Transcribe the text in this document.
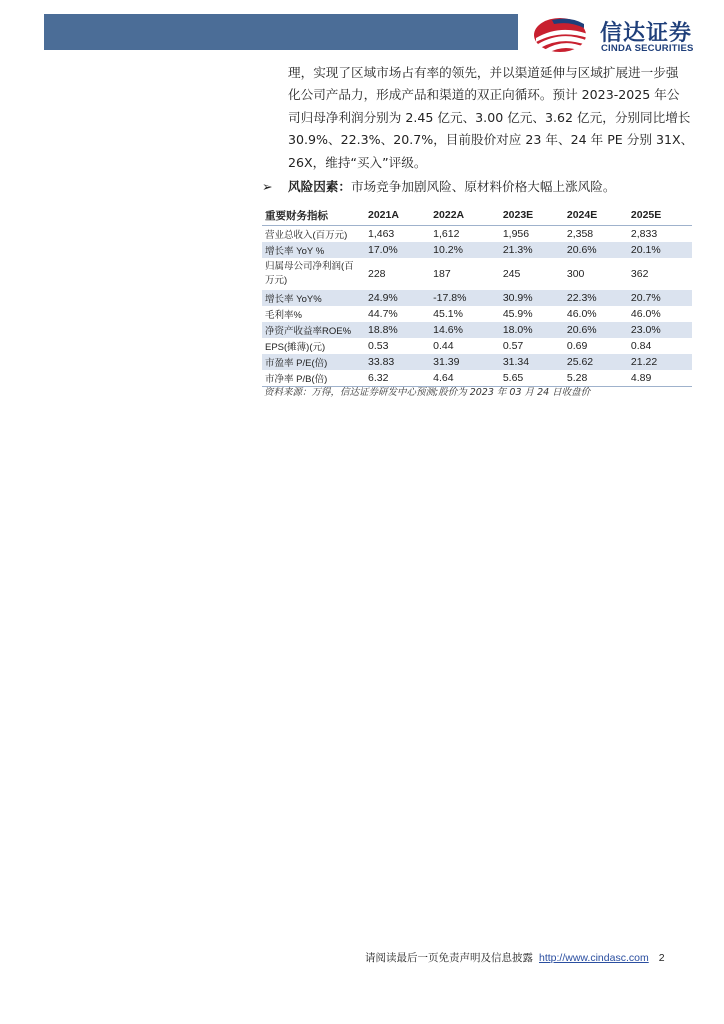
信达证券
CINDA SECURITIES
理，实现了区域市场占有率的领先，并以渠道延伸与区域扩展进一步强
化公司产品力，形成产品和渠道的双正向循环。预计 2023-2025 年公
司归母净利润分别为 2.45 亿元、3.00 亿元、3.62 亿元，分别同比增长
30.9%、22.3%、20.7%，目前股价对应 23 年、24 年 PE 分别 31X、
26X，维持“买入”评级。
➢ 风险因素：市场竞争加剧风险、原材料价格大幅上涨风险。
重要财务指标	2021A	2022A	2023E	2024E	2025E
营业总收入(百万元)	1,463	1,612	1,956	2,358	2,833
增长率 YoY %	17.0%	10.2%	21.3%	20.6%	20.1%

归属母公司净利润(百万元)	228	187	245	300	362
增长率 YoY%	24.9%	-17.8%	30.9%	22.3%	20.7%
毛利率%	44.7%	45.1%	45.9%	46.0%	46.0%
净资产收益率ROE%	18.8%	14.6%	18.0%	20.6%	23.0%
EPS(摊薄)(元)	0.53	0.44	0.57	0.69	0.84
市盈率 P/E(倍)	33.83	31.39	31.34	25.62	21.22
市净率 P/B(倍)	6.32	4.64	5.65	5.28	4.89
资料来源：万得，信达证券研发中心预测;股价为 2023 年 03 月 24 日收盘价
请阅读最后一页免责声明及信息披露 http://www.cindasc.com 2
